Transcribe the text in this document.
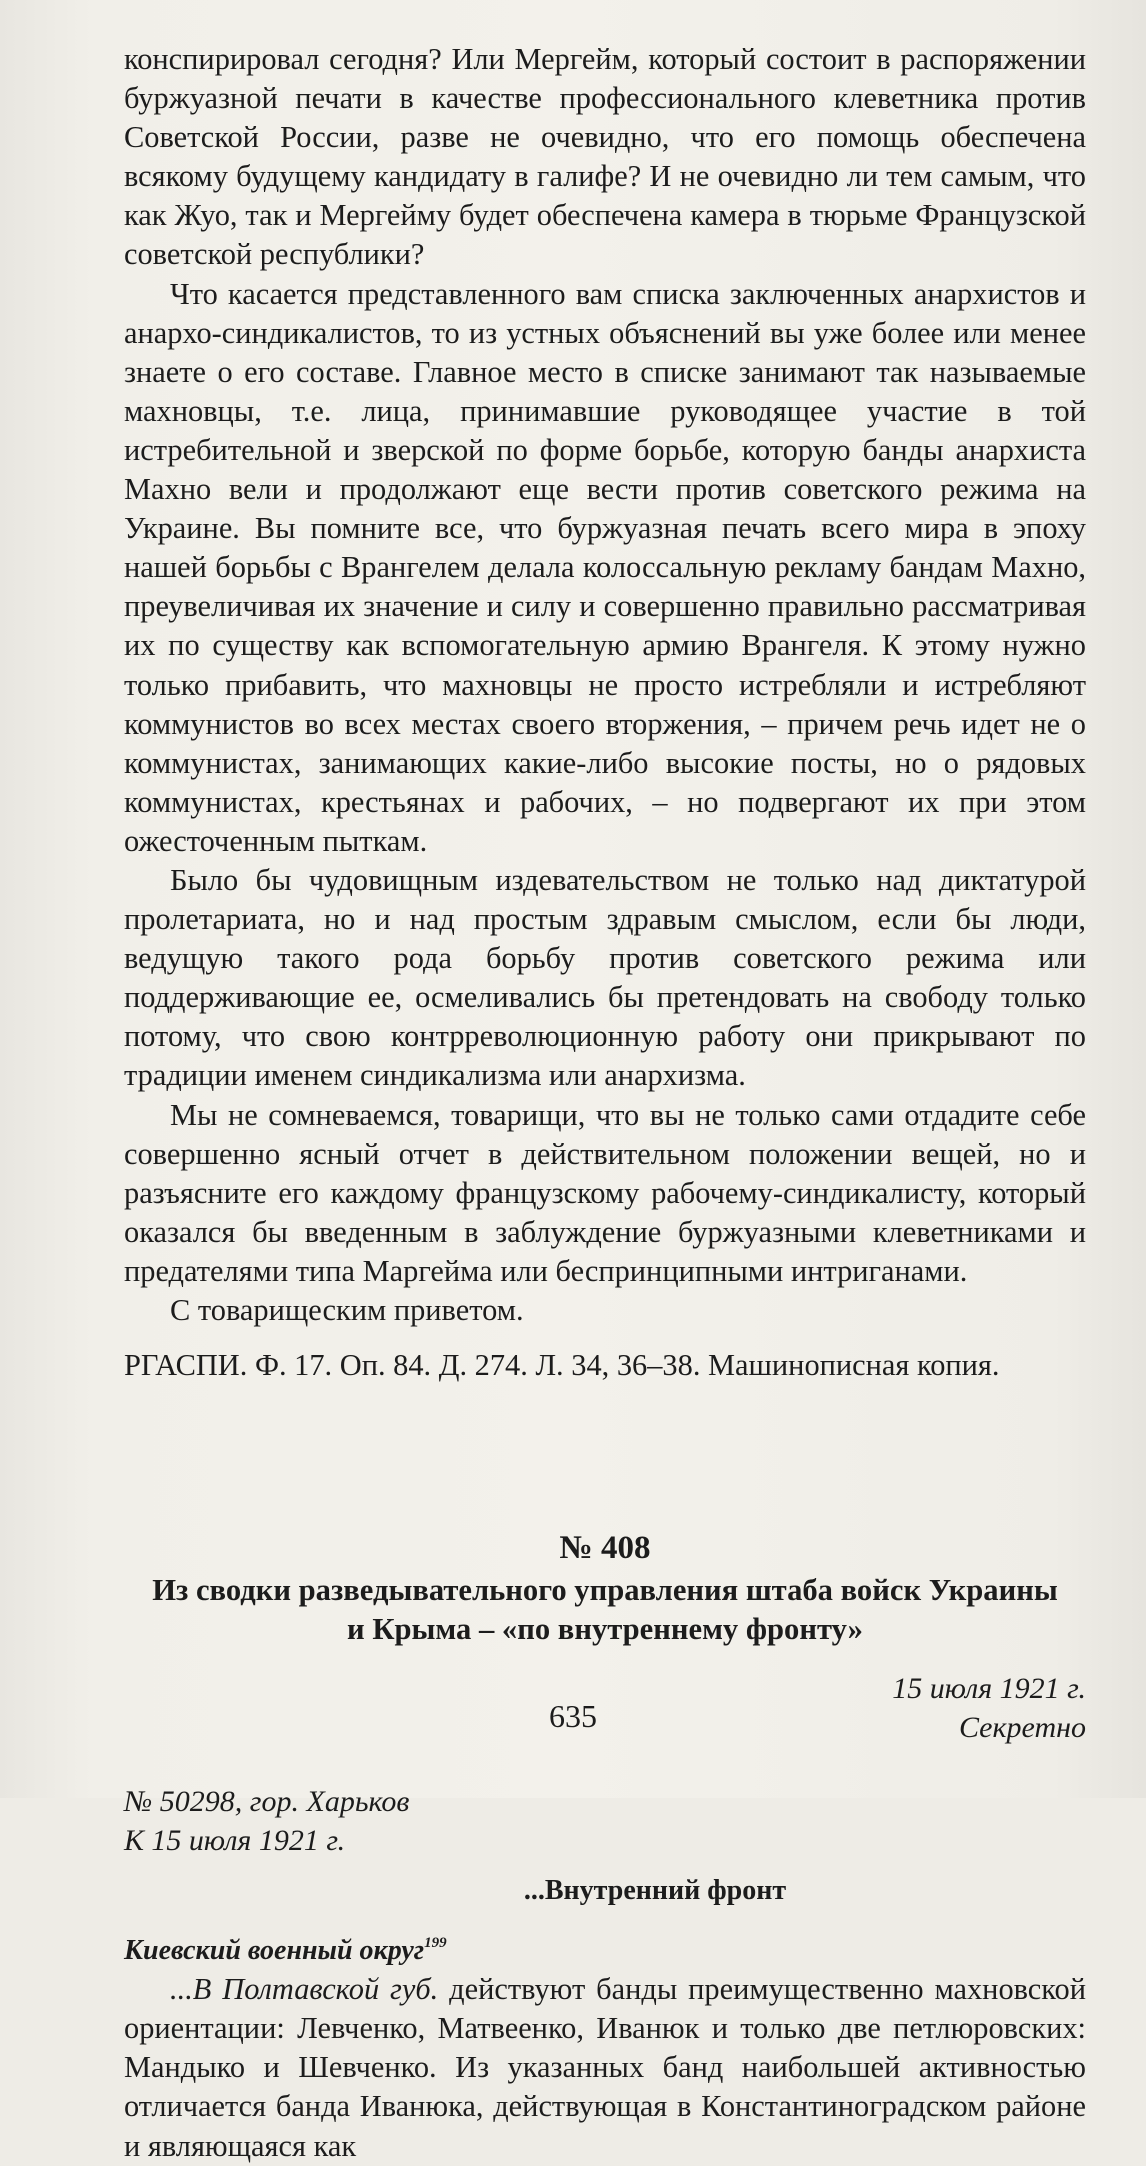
конспирировал сегодня? Или Мергейм, который состоит в распоряжении буржуазной печати в качестве профессионального клеветника против Советской России, разве не очевидно, что его помощь обеспечена всякому будущему кандидату в галифе? И не очевидно ли тем самым, что как Жуо, так и Мергейму будет обеспечена камера в тюрьме Французской советской республики?

Что касается представленного вам списка заключенных анархистов и анархо-синдикалистов, то из устных объяснений вы уже более или менее знаете о его составе. Главное место в списке занимают так называемые махновцы, т.е. лица, принимавшие руководящее участие в той истребительной и зверской по форме борьбе, которую банды анархиста Махно вели и продолжают еще вести против советского режима на Украине. Вы помните все, что буржуазная печать всего мира в эпоху нашей борьбы с Врангелем делала колоссальную рекламу бандам Махно, преувеличивая их значение и силу и совершенно правильно рассматривая их по существу как вспомогательную армию Врангеля. К этому нужно только прибавить, что махновцы не просто истребляли и истребляют коммунистов во всех местах своего вторжения, – причем речь идет не о коммунистах, занимающих какие-либо высокие посты, но о рядовых коммунистах, крестьянах и рабочих, – но подвергают их при этом ожесточенным пыткам.

Было бы чудовищным издевательством не только над диктатурой пролетариата, но и над простым здравым смыслом, если бы люди, ведущую такого рода борьбу против советского режима или поддерживающие ее, осмеливались бы претендовать на свободу только потому, что свою контрреволюционную работу они прикрывают по традиции именем синдикализма или анархизма.

Мы не сомневаемся, товарищи, что вы не только сами отдадите себе совершенно ясный отчет в действительном положении вещей, но и разъясните его каждому французскому рабочему-синдикалисту, который оказался бы введенным в заблуждение буржуазными клеветниками и предателями типа Маргейма или беспринципными интриганами.

С товарищеским приветом.

РГАСПИ. Ф. 17. Оп. 84. Д. 274. Л. 34, 36–38. Машинописная копия.

№ 408
Из сводки разведывательного управления штаба войск Украины
и Крыма – «по внутреннему фронту»
15 июля 1921 г.
Секретно
№ 50298, гор. Харьков
К 15 июля 1921 г.
...Внутренний фронт
Киевский военный округ$^{199}$

...В Полтавской губ. действуют банды преимущественно махновской ориентации: Левченко, Матвеенко, Иванюк и только две петлюровских: Мандыко и Шевченко. Из указанных банд наибольшей активностью отличается банда Иванюка, действующая в Константиноградском районе и являющаяся как

635
